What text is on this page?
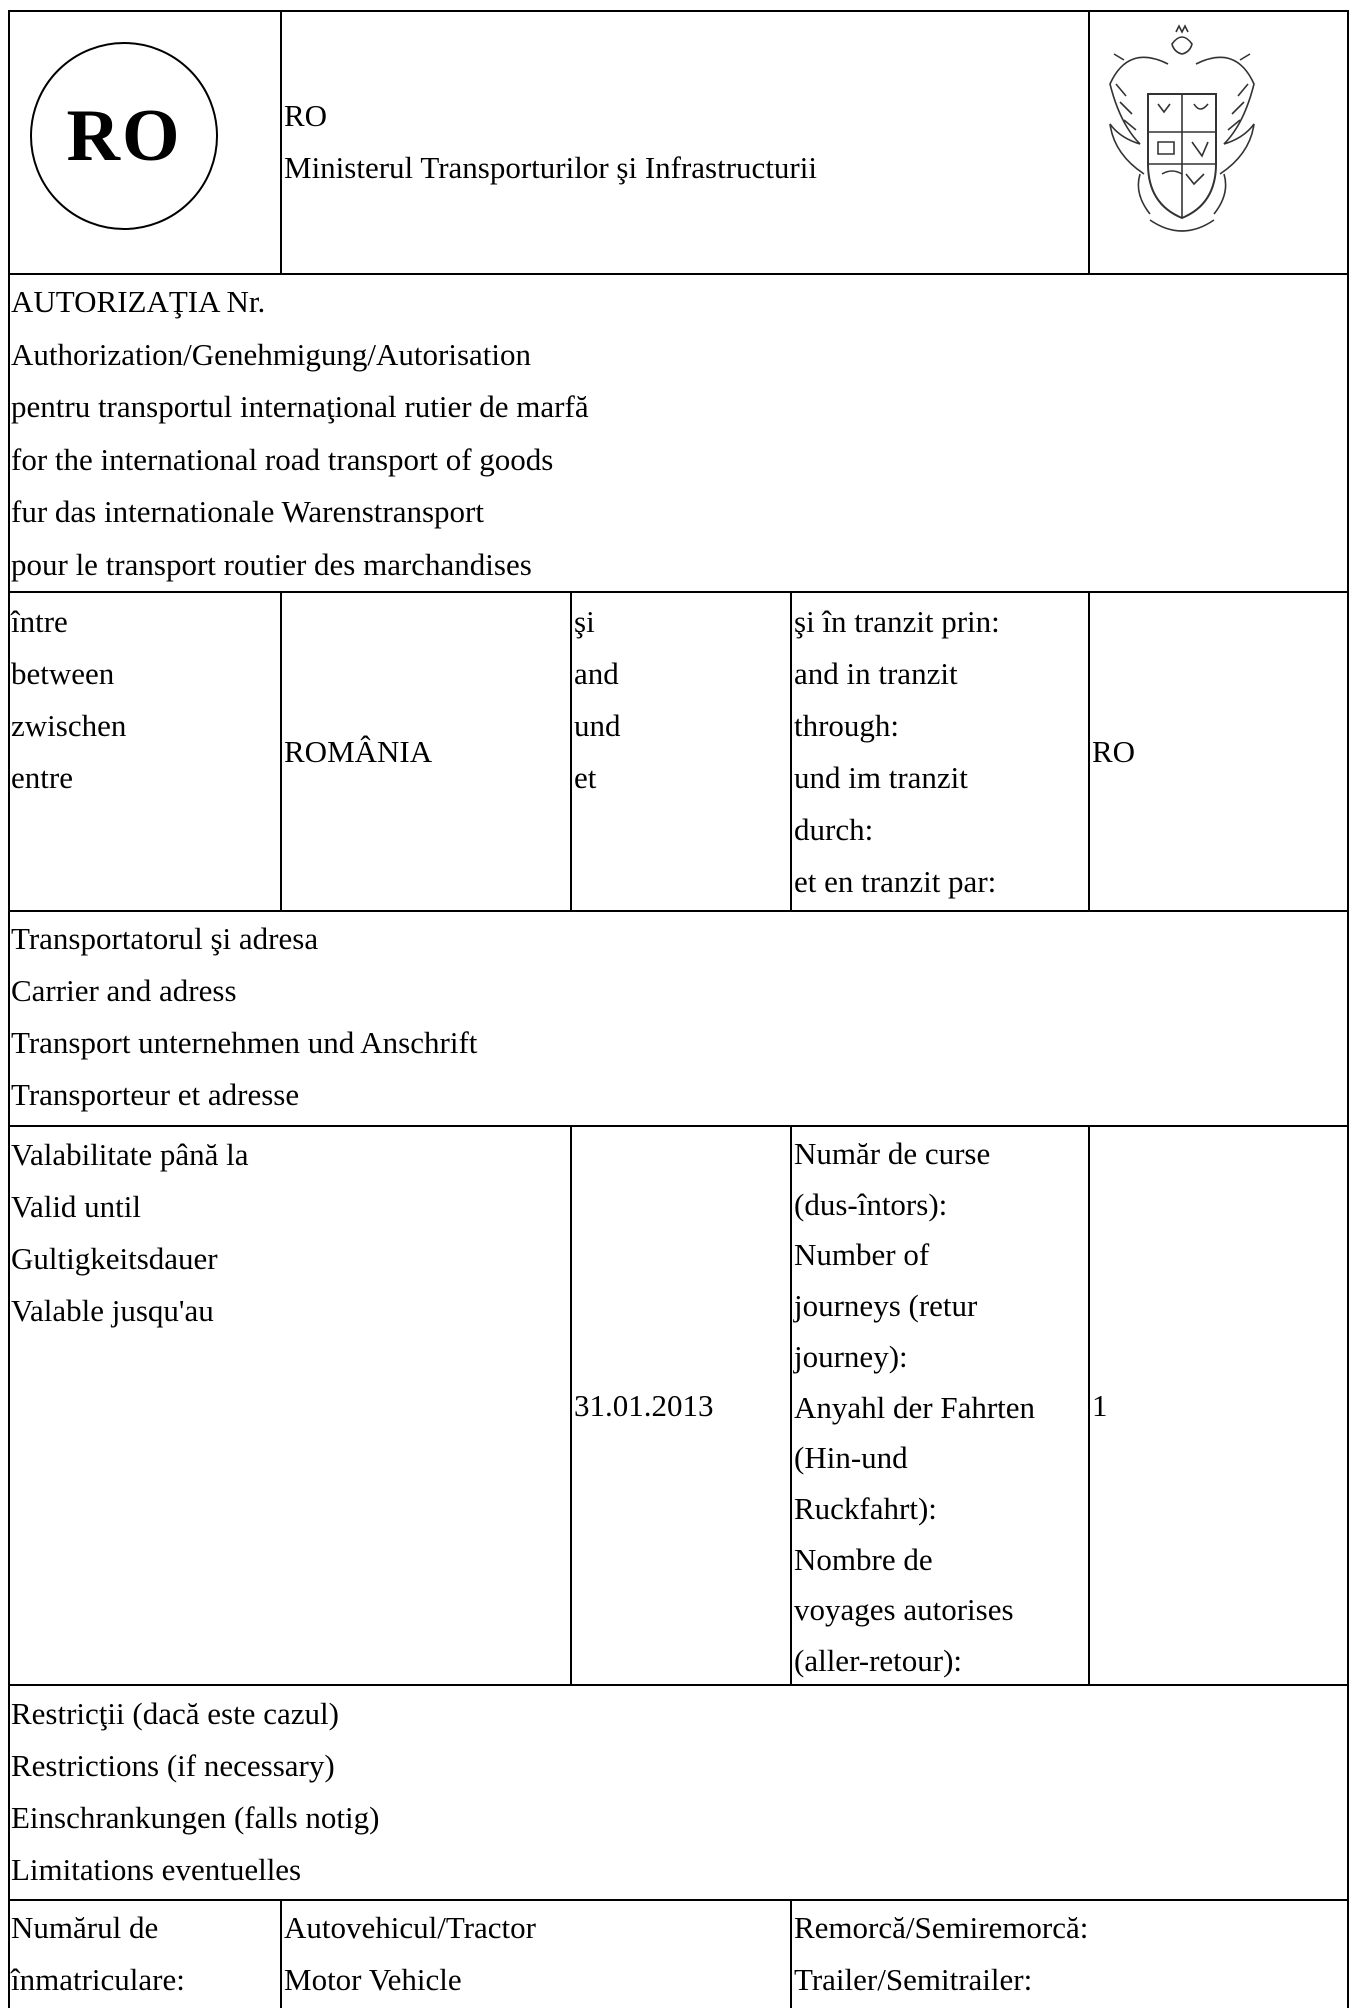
RO	RO
Ministerul Transporturilor şi Infrastructurii
AUTORIZAŢIA Nr.
Authorization/Genehmigung/Autorisation
pentru transportul internaţional rutier de marfă
for the international road transport of goods
fur das internationale Warenstransport
pour le transport routier des marchandises
între
between
zwischen
entre
ROMÂNIA
şi
and
und
et
şi în tranzit prin:
and in tranzit
through:
und im tranzit
durch:
et en tranzit par:
RO
Transportatorul şi adresa
Carrier and adress
Transport unternehmen und Anschrift
Transporteur et adresse
Valabilitate până la
Valid until
Gultigkeitsdauer
Valable jusqu'au
31.01.2013
Număr de curse
(dus-întors):
Number of
journeys (retur
journey):
Anyahl der Fahrten
(Hin-und
Ruckfahrt):
Nombre de
voyages autorises
(aller-retour):
1
Restricţii (dacă este cazul)
Restrictions (if necessary)
Einschrankungen (falls notig)
Limitations eventuelles
Numărul de
înmatriculare:
Autovehicul/Tractor
Motor Vehicle
Remorcă/Semiremorcă:
Trailer/Semitrailer:
